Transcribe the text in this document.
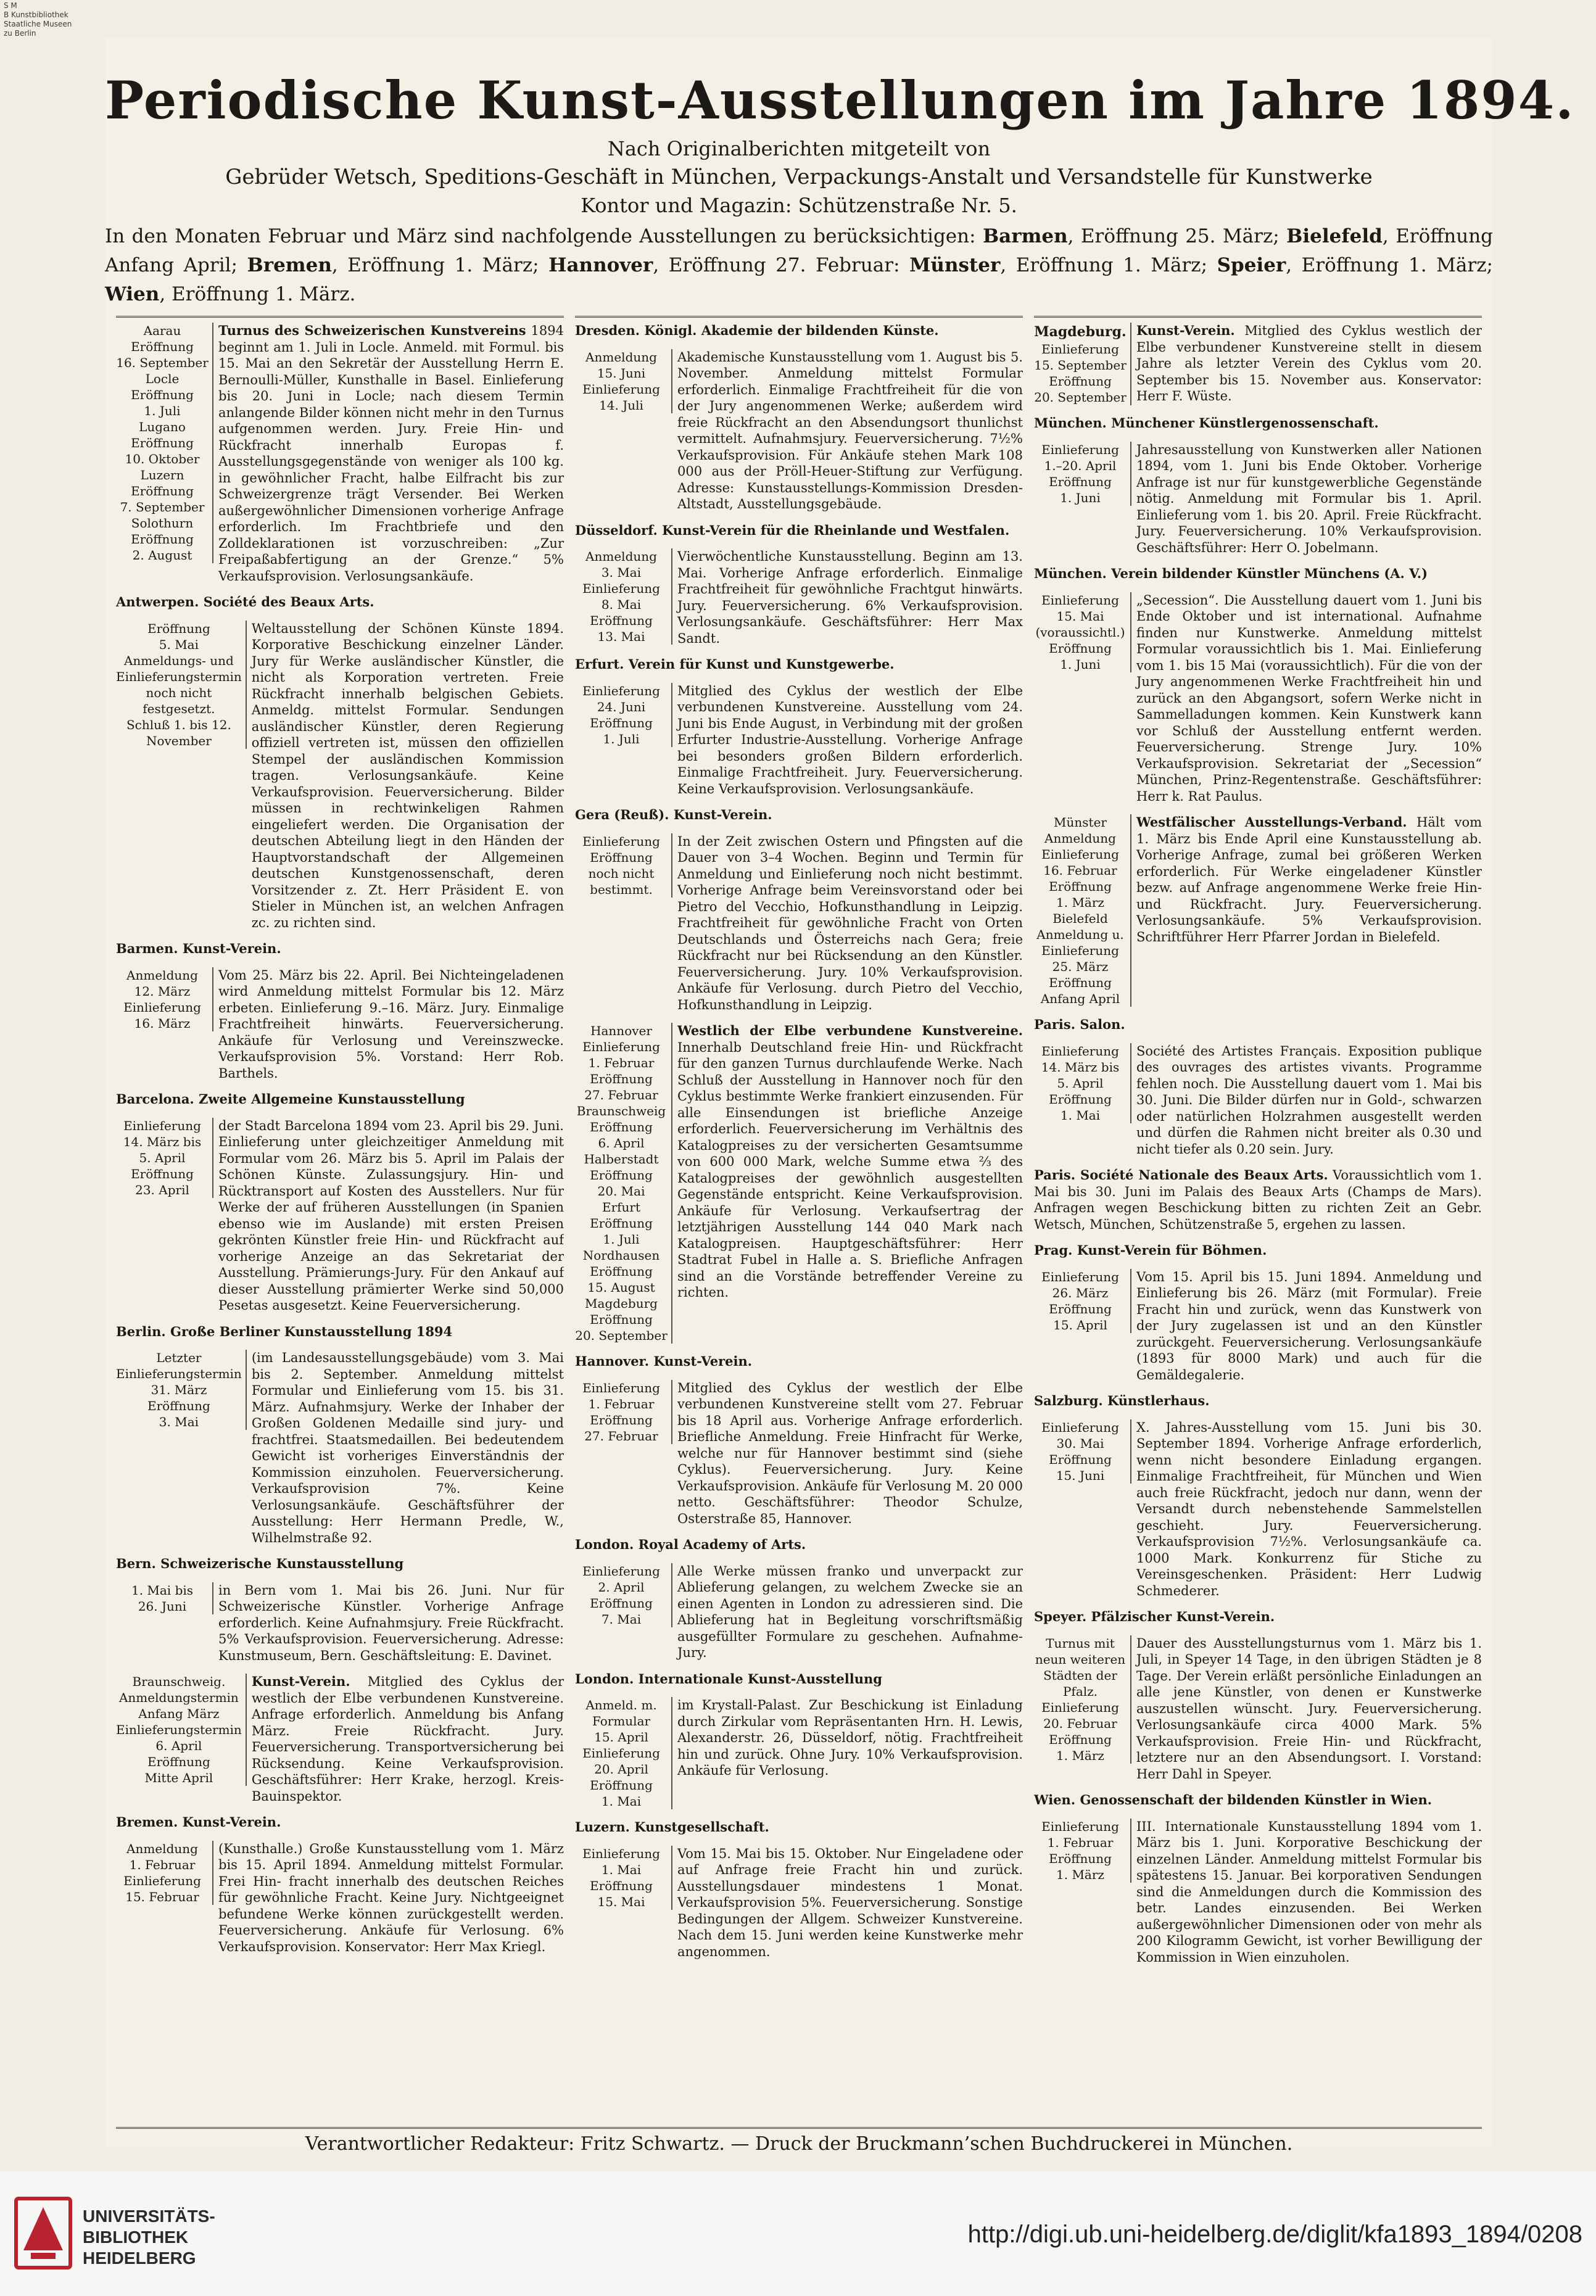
S M
B Kunstbibliothek
Staatliche Museen
zu Berlin
Periodische Kunst-Ausstellungen im Jahre 1894.
Nach Originalberichten mitgeteilt von
Gebrüder Wetsch, Speditions-Geschäft in München, Verpackungs-Anstalt und Versandstelle für Kunstwerke
Kontor und Magazin: Schützenstraße Nr. 5.
In den Monaten Februar und März sind nachfolgende Ausstellungen zu berücksichtigen: Barmen, Eröffnung 25. März; Bielefeld, Eröffnung Anfang April; Bremen, Eröffnung 1. März; Hannover, Eröffnung 27. Februar: Münster, Eröffnung 1. März; Speier, Eröffnung 1. März; Wien, Eröffnung 1. März.
Aarau
Eröffnung
16. September
Locle
Eröffnung
1. Juli
Lugano
Eröffnung
10. Oktober
Luzern
Eröffnung
7. September
Solothurn
Eröffnung
2. August
Turnus des Schweizerischen Kunstvereins 1894 beginnt am 1. Juli in Locle. Anmeld. mit Formul. bis 15. Mai an den Sekretär der Ausstellung Herrn E. Bernoulli-Müller, Kunsthalle in Basel. Einlieferung bis 20. Juni in Locle; nach diesem Termin anlangende Bilder können nicht mehr in den Turnus aufgenommen werden. Jury. Freie Hin- und Rückfracht innerhalb Europas f. Ausstellungsgegenstände von weniger als 100 kg. in gewöhnlicher Fracht, halbe Eilfracht bis zur Schweizergrenze trägt Versender. Bei Werken außergewöhnlicher Dimensionen vorherige Anfrage erforderlich. Im Frachtbriefe und den Zolldeklarationen ist vorzuschreiben: „Zur Freipaßabfertigung an der Grenze.“ 5% Verkaufsprovision. Verlosungsankäufe.
Antwerpen. Société des Beaux Arts.
Eröffnung
5. Mai
Anmeldungs- und Einlieferungstermin noch nicht festgesetzt.
Schluß 1. bis 12. November
Weltausstellung der Schönen Künste 1894. Korporative Beschickung einzelner Länder. Jury für Werke ausländischer Künstler, die nicht als Korporation vertreten. Freie Rückfracht innerhalb belgischen Gebiets. Anmeldg. mittelst Formular. Sendungen ausländischer Künstler, deren Regierung offiziell vertreten ist, müssen den offiziellen Stempel der ausländischen Kommission tragen. Verlosungsankäufe. Keine Verkaufsprovision. Feuerversicherung. Bilder müssen in rechtwinkeligen Rahmen eingeliefert werden. Die Organisation der deutschen Abteilung liegt in den Händen der Hauptvorstandschaft der Allgemeinen deutschen Kunstgenossenschaft, deren Vorsitzender z. Zt. Herr Präsident E. von Stieler in München ist, an welchen Anfragen zc. zu richten sind.
Barmen. Kunst-Verein.
Anmeldung
12. März
Einlieferung
16. März
Vom 25. März bis 22. April. Bei Nichteingeladenen wird Anmeldung mittelst Formular bis 12. März erbeten. Einlieferung 9.–16. März. Jury. Einmalige Frachtfreiheit hinwärts. Feuerversicherung. Ankäufe für Verlosung und Vereinszwecke. Verkaufsprovision 5%. Vorstand: Herr Rob. Barthels.
Barcelona. Zweite Allgemeine Kunstausstellung
Einlieferung
14. März bis
5. April
Eröffnung
23. April
der Stadt Barcelona 1894 vom 23. April bis 29. Juni. Einlieferung unter gleichzeitiger Anmeldung mit Formular vom 26. März bis 5. April im Palais der Schönen Künste. Zulassungsjury. Hin- und Rücktransport auf Kosten des Ausstellers. Nur für Werke der auf früheren Ausstellungen (in Spanien ebenso wie im Auslande) mit ersten Preisen gekrönten Künstler freie Hin- und Rückfracht auf vorherige Anzeige an das Sekretariat der Ausstellung. Prämierungs-Jury. Für den Ankauf auf dieser Ausstellung prämierter Werke sind 50,000 Pesetas ausgesetzt. Keine Feuerversicherung.
Berlin. Große Berliner Kunstausstellung 1894
Letzter Einlieferungstermin
31. März
Eröffnung
3. Mai
(im Landesausstellungsgebäude) vom 3. Mai bis 2. September. Anmeldung mittelst Formular und Einlieferung vom 15. bis 31. März. Aufnahmsjury. Werke der Inhaber der Großen Goldenen Medaille sind jury- und frachtfrei. Staatsmedaillen. Bei bedeutendem Gewicht ist vorheriges Einverständnis der Kommission einzuholen. Feuerversicherung. Verkaufsprovision 7%. Keine Verlosungsankäufe. Geschäftsführer der Ausstellung: Herr Hermann Predle, W., Wilhelmstraße 92.
Bern. Schweizerische Kunstausstellung
1. Mai bis
26. Juni
in Bern vom 1. Mai bis 26. Juni. Nur für Schweizerische Künstler. Vorherige Anfrage erforderlich. Keine Aufnahmsjury. Freie Rückfracht. 5% Verkaufsprovision. Feuerversicherung. Adresse: Kunstmuseum, Bern. Geschäftsleitung: E. Davinet.
Braunschweig.
Anmeldungstermin
Anfang März
Einlieferungstermin
6. April
Eröffnung
Mitte April
Kunst-Verein. Mitglied des Cyklus der westlich der Elbe verbundenen Kunstvereine. Anfrage erforderlich. Anmeldung bis Anfang März. Freie Rückfracht. Jury. Feuerversicherung. Transportversicherung bei Rücksendung. Keine Verkaufsprovision. Geschäftsführer: Herr Krake, herzogl. Kreis-Bauinspektor.
Bremen. Kunst-Verein.
Anmeldung
1. Februar
Einlieferung
15. Februar
(Kunsthalle.) Große Kunstausstellung vom 1. März bis 15. April 1894. Anmeldung mittelst Formular. Frei Hin- fracht innerhalb des deutschen Reiches für gewöhnliche Fracht. Keine Jury. Nichtgeeignet befundene Werke können zurückgestellt werden. Feuerversicherung. Ankäufe für Verlosung. 6% Verkaufsprovision. Konservator: Herr Max Kriegl.
Dresden. Königl. Akademie der bildenden Künste.
Anmeldung
15. Juni
Einlieferung
14. Juli
Akademische Kunstausstellung vom 1. August bis 5. November. Anmeldung mittelst Formular erforderlich. Einmalige Frachtfreiheit für die von der Jury angenommenen Werke; außerdem wird freie Rückfracht an den Absendungsort thunlichst vermittelt. Aufnahmsjury. Feuerversicherung. 7½% Verkaufsprovision. Für Ankäufe stehen Mark 108 000 aus der Pröll-Heuer-Stiftung zur Verfügung. Adresse: Kunstausstellungs-Kommission Dresden-Altstadt, Ausstellungsgebäude.
Düsseldorf. Kunst-Verein für die Rheinlande und Westfalen.
Anmeldung
3. Mai
Einlieferung
8. Mai
Eröffnung
13. Mai
Vierwöchentliche Kunstausstellung. Beginn am 13. Mai. Vorherige Anfrage erforderlich. Einmalige Frachtfreiheit für gewöhnliche Frachtgut hinwärts. Jury. Feuerversicherung. 6% Verkaufsprovision. Verlosungsankäufe. Geschäftsführer: Herr Max Sandt.
Erfurt. Verein für Kunst und Kunstgewerbe.
Einlieferung
24. Juni
Eröffnung
1. Juli
Mitglied des Cyklus der westlich der Elbe verbundenen Kunstvereine. Ausstellung vom 24. Juni bis Ende August, in Verbindung mit der großen Erfurter Industrie-Ausstellung. Vorherige Anfrage bei besonders großen Bildern erforderlich. Einmalige Frachtfreiheit. Jury. Feuerversicherung. Keine Verkaufsprovision. Verlosungsankäufe.
Gera (Reuß). Kunst-Verein.
Einlieferung
Eröffnung
noch nicht bestimmt.
In der Zeit zwischen Ostern und Pfingsten auf die Dauer von 3–4 Wochen. Beginn und Termin für Anmeldung und Einlieferung noch nicht bestimmt. Vorherige Anfrage beim Vereinsvorstand oder bei Pietro del Vecchio, Hofkunsthandlung in Leipzig. Frachtfreiheit für gewöhnliche Fracht von Orten Deutschlands und Österreichs nach Gera; freie Rückfracht nur bei Rücksendung an den Künstler. Feuerversicherung. Jury. 10% Verkaufsprovision. Ankäufe für Verlosung. durch Pietro del Vecchio, Hofkunsthandlung in Leipzig.
Hannover
Einlieferung
1. Februar
Eröffnung
27. Februar
Braunschweig
Eröffnung
6. April
Halberstadt
Eröffnung
20. Mai
Erfurt
Eröffnung
1. Juli
Nordhausen
Eröffnung
15. August
Magdeburg
Eröffnung
20. September
Westlich der Elbe verbundene Kunstvereine. Innerhalb Deutschland freie Hin- und Rückfracht für den ganzen Turnus durchlaufende Werke. Nach Schluß der Ausstellung in Hannover noch für den Cyklus bestimmte Werke frankiert einzusenden. Für alle Einsendungen ist briefliche Anzeige erforderlich. Feuerversicherung im Verhältnis des Katalogpreises zu der versicherten Gesamtsumme von 600 000 Mark, welche Summe etwa ⅔ des Katalogpreises der gewöhnlich ausgestellten Gegenstände entspricht. Keine Verkaufsprovision. Ankäufe für Verlosung. Verkaufsertrag der letztjährigen Ausstellung 144 040 Mark nach Katalogpreisen. Hauptgeschäftsführer: Herr Stadtrat Fubel in Halle a. S. Briefliche Anfragen sind an die Vorstände betreffender Vereine zu richten.
Hannover. Kunst-Verein.
Einlieferung
1. Februar
Eröffnung
27. Februar
Mitglied des Cyklus der westlich der Elbe verbundenen Kunstvereine stellt vom 27. Februar bis 18 April aus. Vorherige Anfrage erforderlich. Briefliche Anmeldung. Freie Hinfracht für Werke, welche nur für Hannover bestimmt sind (siehe Cyklus). Feuerversicherung. Jury. Keine Verkaufsprovision. Ankäufe für Verlosung M. 20 000 netto. Geschäftsführer: Theodor Schulze, Osterstraße 85, Hannover.
London. Royal Academy of Arts.
Einlieferung
2. April
Eröffnung
7. Mai
Alle Werke müssen franko und unverpackt zur Ablieferung gelangen, zu welchem Zwecke sie an einen Agenten in London zu adressieren sind. Die Ablieferung hat in Begleitung vorschriftsmäßig ausgefüllter Formulare zu geschehen. Aufnahme-Jury.
London. Internationale Kunst-Ausstellung
Anmeld. m.
Formular
15. April
Einlieferung
20. April
Eröffnung
1. Mai
im Krystall-Palast. Zur Beschickung ist Einladung durch Zirkular vom Repräsentanten Hrn. H. Lewis, Alexanderstr. 26, Düsseldorf, nötig. Frachtfreiheit hin und zurück. Ohne Jury. 10% Verkaufsprovision. Ankäufe für Verlosung.
Luzern. Kunstgesellschaft.
Einlieferung
1. Mai
Eröffnung
15. Mai
Vom 15. Mai bis 15. Oktober. Nur Eingeladene oder auf Anfrage freie Fracht hin und zurück. Ausstellungsdauer mindestens 1 Monat. Verkaufsprovision 5%. Feuerversicherung. Sonstige Bedingungen der Allgem. Schweizer Kunstvereine. Nach dem 15. Juni werden keine Kunstwerke mehr angenommen.
Magdeburg.
Einlieferung
15. September
Eröffnung
20. September
Kunst-Verein. Mitglied des Cyklus westlich der Elbe verbundener Kunstvereine stellt in diesem Jahre als letzter Verein des Cyklus vom 20. September bis 15. November aus. Konservator: Herr F. Wüste.
München. Münchener Künstlergenossenschaft.
Einlieferung
1.–20. April
Eröffnung
1. Juni
Jahresausstellung von Kunstwerken aller Nationen 1894, vom 1. Juni bis Ende Oktober. Vorherige Anfrage ist nur für kunstgewerbliche Gegenstände nötig. Anmeldung mit Formular bis 1. April. Einlieferung vom 1. bis 20. April. Freie Rückfracht. Jury. Feuerversicherung. 10% Verkaufsprovision. Geschäftsführer: Herr O. Jobelmann.
München. Verein bildender Künstler Münchens (A. V.)
Einlieferung
15. Mai
(voraussichtl.)
Eröffnung
1. Juni
„Secession“. Die Ausstellung dauert vom 1. Juni bis Ende Oktober und ist international. Aufnahme finden nur Kunstwerke. Anmeldung mittelst Formular voraussichtlich bis 1. Mai. Einlieferung vom 1. bis 15 Mai (voraussichtlich). Für die von der Jury angenommenen Werke Frachtfreiheit hin und zurück an den Abgangsort, sofern Werke nicht in Sammelladungen kommen. Kein Kunstwerk kann vor Schluß der Ausstellung entfernt werden. Feuerversicherung. Strenge Jury. 10% Verkaufsprovision. Sekretariat der „Secession“ München, Prinz-Regentenstraße. Geschäftsführer: Herr k. Rat Paulus.
Münster
Anmeldung
Einlieferung
16. Februar
Eröffnung
1. März
Bielefeld
Anmeldung u.
Einlieferung
25. März
Eröffnung
Anfang April
Westfälischer Ausstellungs-Verband. Hält vom 1. März bis Ende April eine Kunstausstellung ab. Vorherige Anfrage, zumal bei größeren Werken erforderlich. Für Werke eingeladener Künstler bezw. auf Anfrage angenommene Werke freie Hin- und Rückfracht. Jury. Feuerversicherung. Verlosungsankäufe. 5% Verkaufsprovision. Schriftführer Herr Pfarrer Jordan in Bielefeld.
Paris. Salon.
Einlieferung
14. März bis
5. April
Eröffnung
1. Mai
Société des Artistes Français. Exposition publique des ouvrages des artistes vivants. Programme fehlen noch. Die Ausstellung dauert vom 1. Mai bis 30. Juni. Die Bilder dürfen nur in Gold-, schwarzen oder natürlichen Holzrahmen ausgestellt werden und dürfen die Rahmen nicht breiter als 0.30 und nicht tiefer als 0.20 sein. Jury.
Paris. Société Nationale des Beaux Arts. Voraussichtlich vom 1. Mai bis 30. Juni im Palais des Beaux Arts (Champs de Mars). Anfragen wegen Beschickung bitten zu richten Zeit an Gebr. Wetsch, München, Schützenstraße 5, ergehen zu lassen.
Prag. Kunst-Verein für Böhmen.
Einlieferung
26. März
Eröffnung
15. April
Vom 15. April bis 15. Juni 1894. Anmeldung und Einlieferung bis 26. März (mit Formular). Freie Fracht hin und zurück, wenn das Kunstwerk von der Jury zugelassen ist und an den Künstler zurückgeht. Feuerversicherung. Verlosungsankäufe (1893 für 8000 Mark) und auch für die Gemäldegalerie.
Salzburg. Künstlerhaus.
Einlieferung
30. Mai
Eröffnung
15. Juni
X. Jahres-Ausstellung vom 15. Juni bis 30. September 1894. Vorherige Anfrage erforderlich, wenn nicht besondere Einladung ergangen. Einmalige Frachtfreiheit, für München und Wien auch freie Rückfracht, jedoch nur dann, wenn der Versandt durch nebenstehende Sammelstellen geschieht. Jury. Feuerversicherung. Verkaufsprovision 7½%. Verlosungsankäufe ca. 1000 Mark. Konkurrenz für Stiche zu Vereinsgeschenken. Präsident: Herr Ludwig Schmederer.
Speyer. Pfälzischer Kunst-Verein.
Turnus mit neun weiteren Städten der Pfalz.
Einlieferung
20. Februar
Eröffnung
1. März
Dauer des Ausstellungsturnus vom 1. März bis 1. Juli, in Speyer 14 Tage, in den übrigen Städten je 8 Tage. Der Verein erläßt persönliche Einladungen an alle jene Künstler, von denen er Kunstwerke auszustellen wünscht. Jury. Feuerversicherung. Verlosungsankäufe circa 4000 Mark. 5% Verkaufsprovision. Freie Hin- und Rückfracht, letztere nur an den Absendungsort. I. Vorstand: Herr Dahl in Speyer.
Wien. Genossenschaft der bildenden Künstler in Wien.
Einlieferung
1. Februar
Eröffnung
1. März
III. Internationale Kunstausstellung 1894 vom 1. März bis 1. Juni. Korporative Beschickung der einzelnen Länder. Anmeldung mittelst Formular bis spätestens 15. Januar. Bei korporativen Sendungen sind die Anmeldungen durch die Kommission des betr. Landes einzusenden. Bei Werken außergewöhnlicher Dimensionen oder von mehr als 200 Kilogramm Gewicht, ist vorher Bewilligung der Kommission in Wien einzuholen.
Verantwortlicher Redakteur: Fritz Schwartz. — Druck der Bruckmann’schen Buchdruckerei in München.
UNIVERSITÄTS-
BIBLIOTHEK
HEIDELBERG
http://digi.ub.uni-heidelberg.de/diglit/kfa1893_1894/0208
